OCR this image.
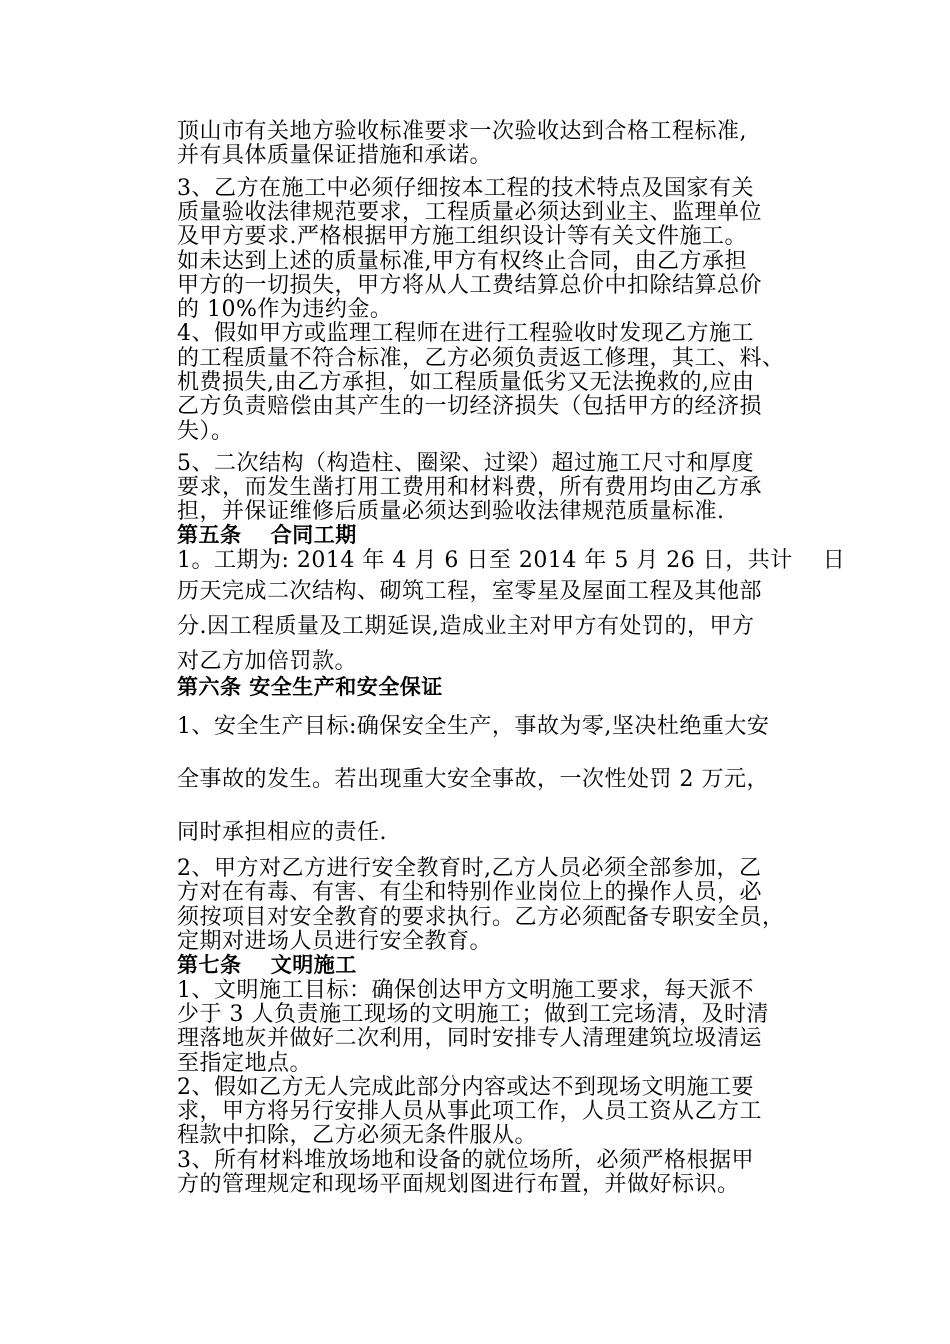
顶山市有关地方验收标准要求一次验收达到合格工程标准,
并有具体质量保证措施和承诺。
3、乙方在施工中必须仔细按本工程的技术特点及国家有关
质量验收法律规范要求，工程质量必须达到业主、监理单位
及甲方要求.严格根据甲方施工组织设计等有关文件施工。
如未达到上述的质量标准,甲方有权终止合同，由乙方承担
甲方的一切损失，甲方将从人工费结算总价中扣除结算总价
的 10%作为违约金。
4、假如甲方或监理工程师在进行工程验收时发现乙方施工
的工程质量不符合标准，乙方必须负责返工修理，其工、料、
机费损失,由乙方承担，如工程质量低劣又无法挽救的,应由
乙方负责赔偿由其产生的一切经济损失（包括甲方的经济损
失）。
5、二次结构（构造柱、圈梁、过梁）超过施工尺寸和厚度
要求，而发生凿打用工费用和材料费，所有费用均由乙方承
担，并保证维修后质量必须达到验收法律规范质量标准.
第五条　 合同工期
1。工期为: 2014 年 4 月 6 日至 2014 年 5 月 26 日，共计　 日
历天完成二次结构、砌筑工程，室零星及屋面工程及其他部
分.因工程质量及工期延误,造成业主对甲方有处罚的，甲方
对乙方加倍罚款。
第六条 安全生产和安全保证
1、安全生产目标:确保安全生产，事故为零,坚决杜绝重大安
全事故的发生。若出现重大安全事故，一次性处罚 2 万元，
同时承担相应的责任.
2、甲方对乙方进行安全教育时,乙方人员必须全部参加，乙
方对在有毒、有害、有尘和特别作业岗位上的操作人员，必
须按项目对安全教育的要求执行。乙方必须配备专职安全员，
定期对进场人员进行安全教育。
第七条　 文明施工
1、文明施工目标：确保创达甲方文明施工要求，每天派不
少于 3 人负责施工现场的文明施工；做到工完场清，及时清
理落地灰并做好二次利用，同时安排专人清理建筑垃圾清运
至指定地点。
2、假如乙方无人完成此部分内容或达不到现场文明施工要
求，甲方将另行安排人员从事此项工作，人员工资从乙方工
程款中扣除，乙方必须无条件服从。
3、所有材料堆放场地和设备的就位场所，必须严格根据甲
方的管理规定和现场平面规划图进行布置，并做好标识。
